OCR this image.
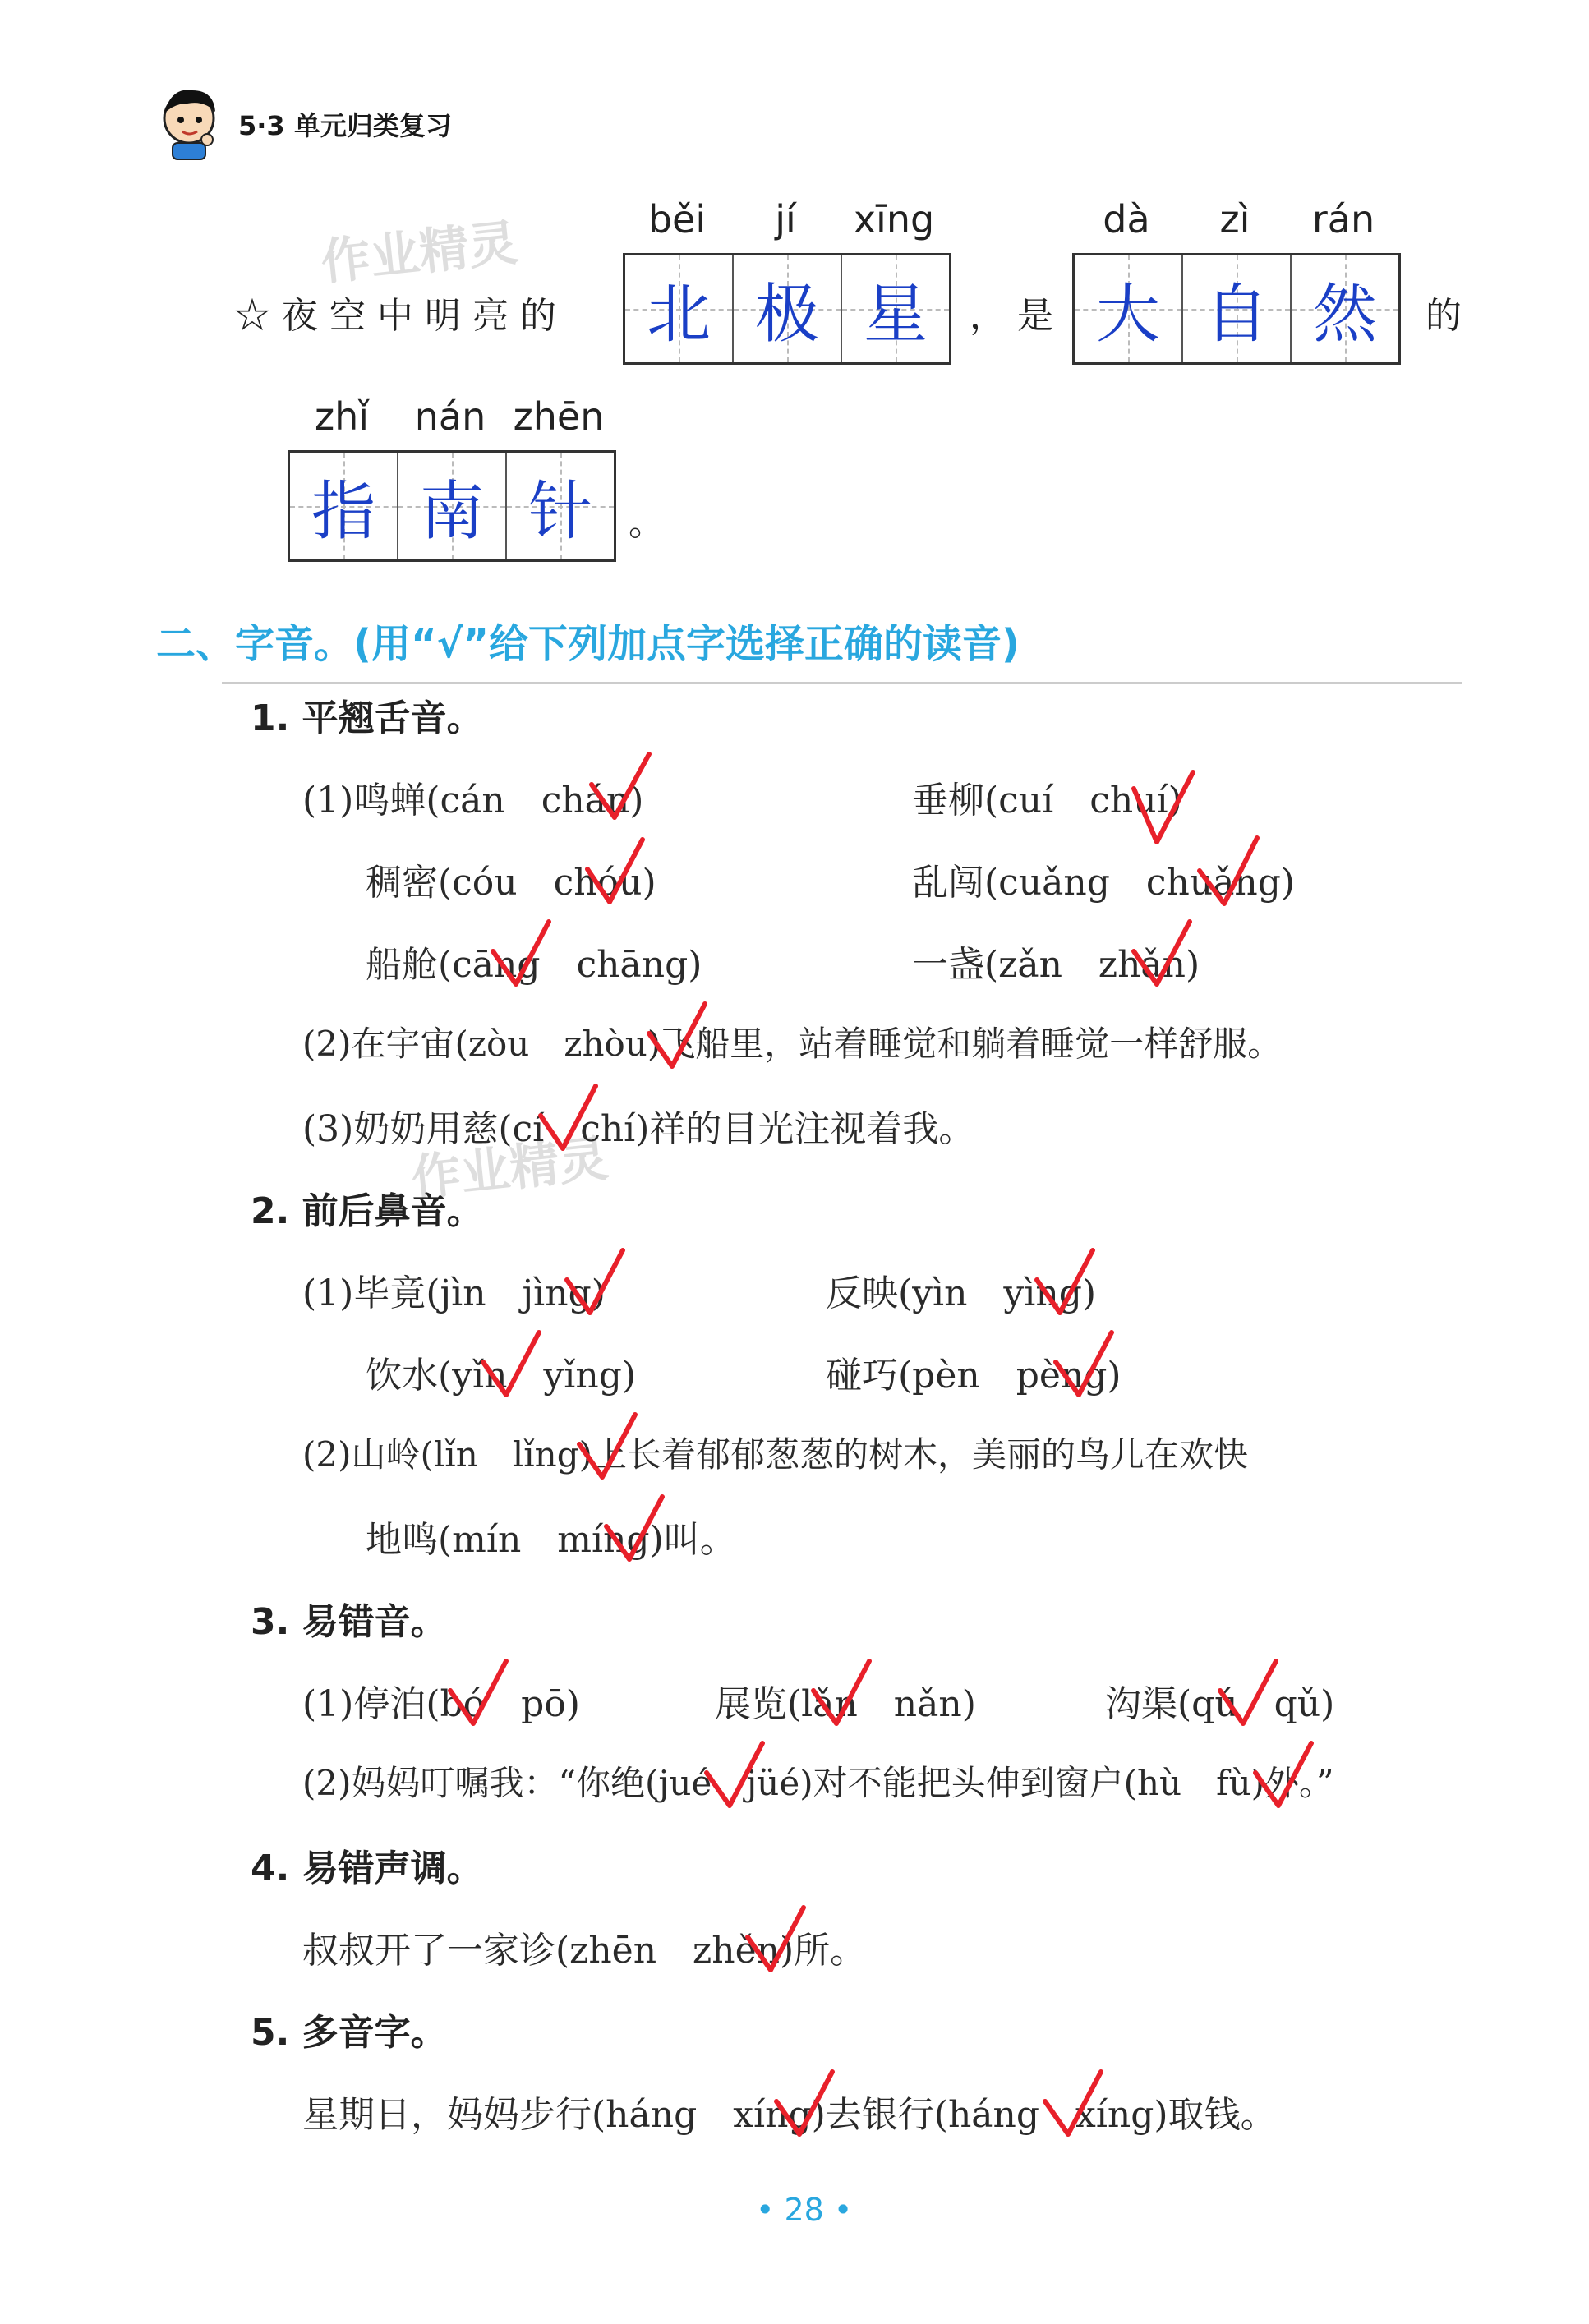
5·3 单元归类复习
作业精灵
作业精灵
☆夜空中明亮的
běi	jí	xīng
北 极 星 ，是
dà	zì	rán
大 自 然 的
zhǐ	nán zhēn
指 南 针 。
二、字音。(用“√”给下列加点字选择正确的读音)
1. 平翘舌音。
(1)鸣蝉(cán　chán)	垂柳(cuí　chuí)
稠密(cóu　chóu)	乱闯(cuǎng　chuǎng)
船舱(cāng　chāng)	一盏(zǎn　zhǎn)
(2)在宇宙(zòu　zhòu)飞船里，站着睡觉和躺着睡觉一样舒服。
(3)奶奶用慈(cí　chí)祥的目光注视着我。
2. 前后鼻音。
(1)毕竟(jìn　jìng)	反映(yìn　yìng)
饮水(yǐn　yǐng)	碰巧(pèn　pèng)
(2)山岭(lǐn　lǐng)上长着郁郁葱葱的树木，美丽的鸟儿在欢快
地鸣(mín　míng)叫。
3. 易错音。
(1)停泊(bó　pō)	展览(lǎn　nǎn)	沟渠(qú　qǔ)
(2)妈妈叮嘱我：“你绝(jué　jüé)对不能把头伸到窗户(hù　fù)外。”
4. 易错声调。
叔叔开了一家诊(zhēn　zhěn)所。
5. 多音字。
星期日，妈妈步行(háng　xíng)去银行(háng　xíng)取钱。
• 28 •
